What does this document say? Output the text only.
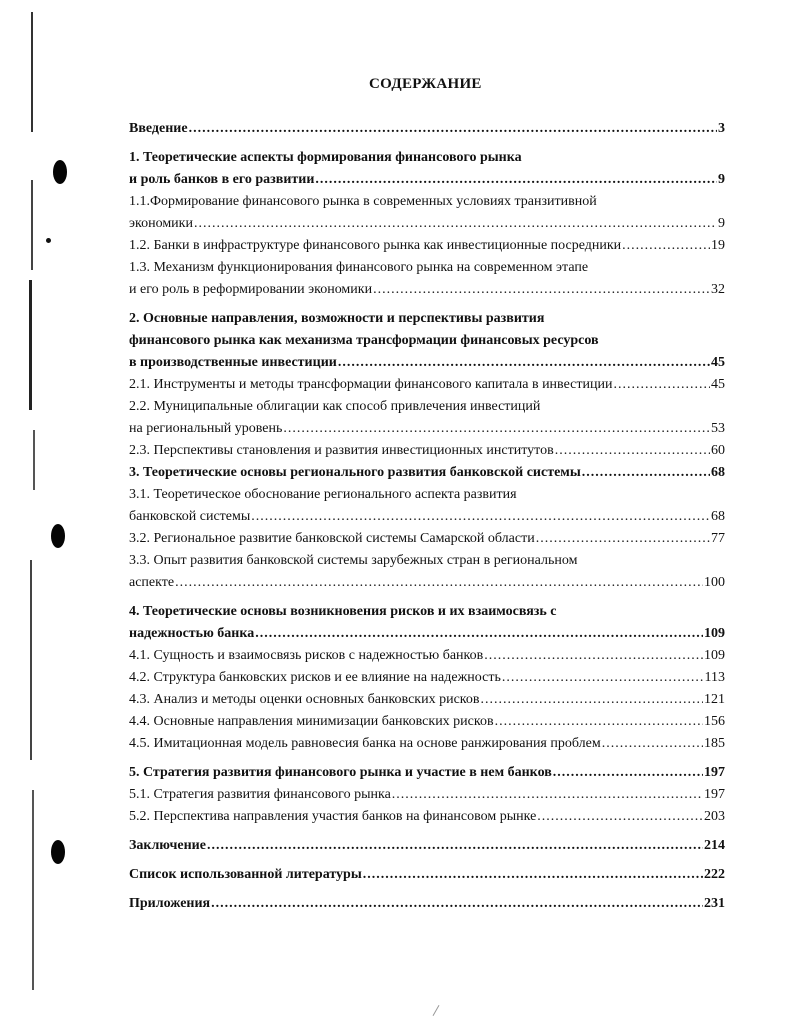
СОДЕРЖАНИЕ
Введение .....	3
1. Теоретические аспекты формирования финансового рынка
и роль банков в его развитии .....	9
1.1.Формирование финансового рынка в современных условиях транзитивной
экономики .....	9
1.2. Банки в инфраструктуре финансового рынка как инвестиционные посредники .....	19
1.3. Механизм функционирования финансового рынка на современном этапе
и его роль в реформировании экономики .....	32
2. Основные направления, возможности и перспективы развития
финансового рынка как механизма трансформации финансовых ресурсов
в производственные инвестиции .....	45
2.1. Инструменты и методы трансформации финансового капитала в инвестиции .....	45
2.2. Муниципальные облигации как способ привлечения инвестиций
на региональный уровень .....	53
2.3. Перспективы становления и развития инвестиционных институтов .....	60
3. Теоретические основы регионального развития банковской системы .....	68
3.1. Теоретическое обоснование регионального аспекта развития
банковской системы .....	68
3.2. Региональное развитие банковской системы Самарской области .....	77
3.3. Опыт развития банковской системы зарубежных стран в региональном
аспекте .....	100
4. Теоретические основы возникновения рисков и их взаимосвязь с
надежностью банка .....	109
4.1. Сущность и взаимосвязь рисков с надежностью банков .....	109
4.2. Структура банковских рисков и ее влияние на надежность .....	113
4.3. Анализ и методы оценки основных банковских рисков .....	121
4.4. Основные направления минимизации банковских рисков .....	156
4.5. Имитационная модель равновесия банка на основе ранжирования проблем .....	185
5. Стратегия развития финансового рынка и участие в нем банков .....	197
5.1. Стратегия развития финансового рынка .....	197
5.2. Перспектива направления участия банков на финансовом рынке .....	203
Заключение .....	214
Список использованной литературы .....	222
Приложения .....	231
